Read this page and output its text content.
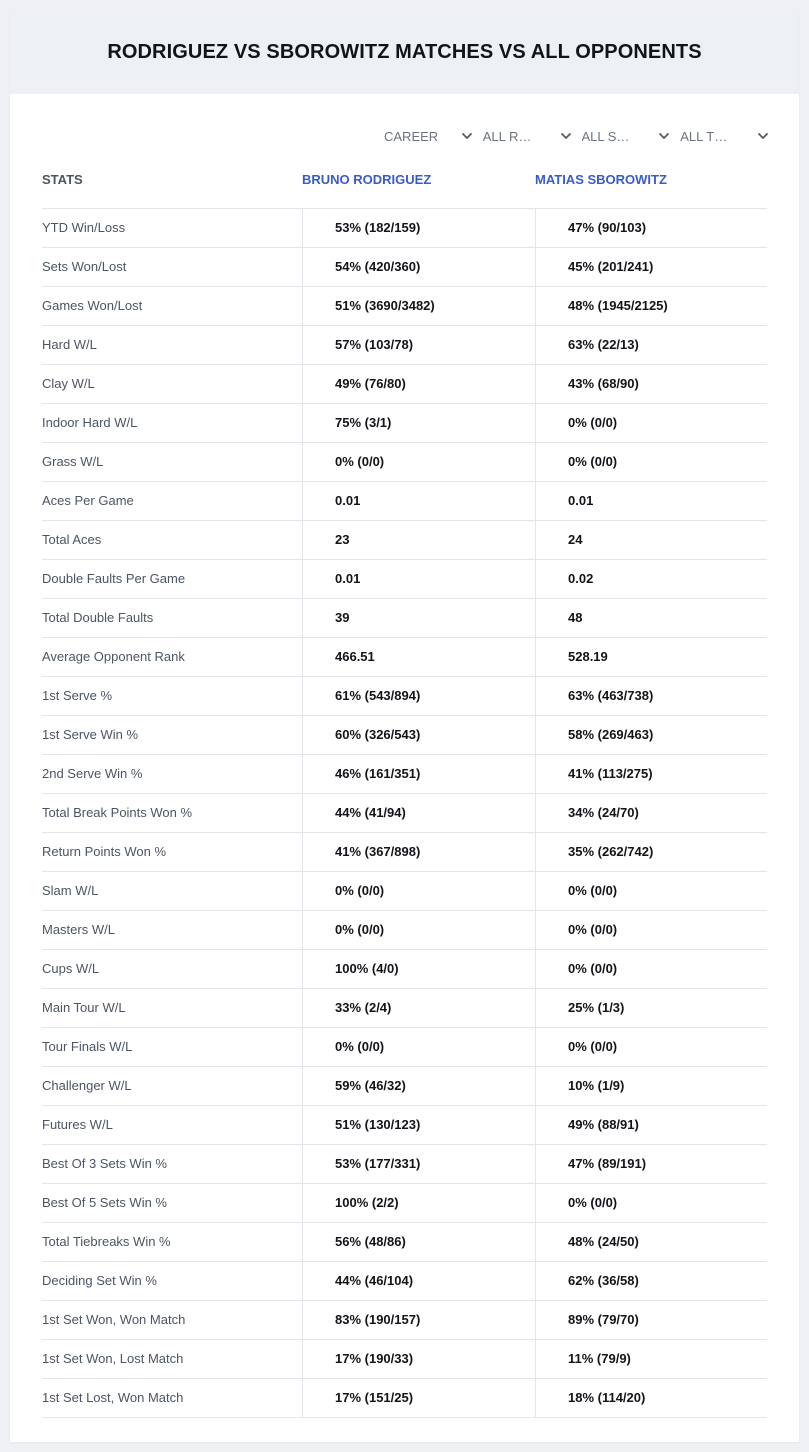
RODRIGUEZ VS SBOROWITZ MATCHES VS ALL OPPONENTS
CAREER	ALL R…	ALL S…	ALL T…
STATS	BRUNO RODRIGUEZ	MATIAS SBOROWITZ
YTD Win/Loss	53% (182/159)	47% (90/103)
Sets Won/Lost	54% (420/360)	45% (201/241)
Games Won/Lost	51% (3690/3482)	48% (1945/2125)
Hard W/L	57% (103/78)	63% (22/13)
Clay W/L	49% (76/80)	43% (68/90)
Indoor Hard W/L	75% (3/1)	0% (0/0)
Grass W/L	0% (0/0)	0% (0/0)
Aces Per Game	0.01	0.01
Total Aces	23	24
Double Faults Per Game	0.01	0.02
Total Double Faults	39	48
Average Opponent Rank	466.51	528.19
1st Serve %	61% (543/894)	63% (463/738)
1st Serve Win %	60% (326/543)	58% (269/463)
2nd Serve Win %	46% (161/351)	41% (113/275)
Total Break Points Won %	44% (41/94)	34% (24/70)
Return Points Won %	41% (367/898)	35% (262/742)
Slam W/L	0% (0/0)	0% (0/0)
Masters W/L	0% (0/0)	0% (0/0)
Cups W/L	100% (4/0)	0% (0/0)
Main Tour W/L	33% (2/4)	25% (1/3)
Tour Finals W/L	0% (0/0)	0% (0/0)
Challenger W/L	59% (46/32)	10% (1/9)
Futures W/L	51% (130/123)	49% (88/91)
Best Of 3 Sets Win %	53% (177/331)	47% (89/191)
Best Of 5 Sets Win %	100% (2/2)	0% (0/0)
Total Tiebreaks Win %	56% (48/86)	48% (24/50)
Deciding Set Win %	44% (46/104)	62% (36/58)
1st Set Won, Won Match	83% (190/157)	89% (79/70)
1st Set Won, Lost Match	17% (190/33)	11% (79/9)
1st Set Lost, Won Match	17% (151/25)	18% (114/20)
